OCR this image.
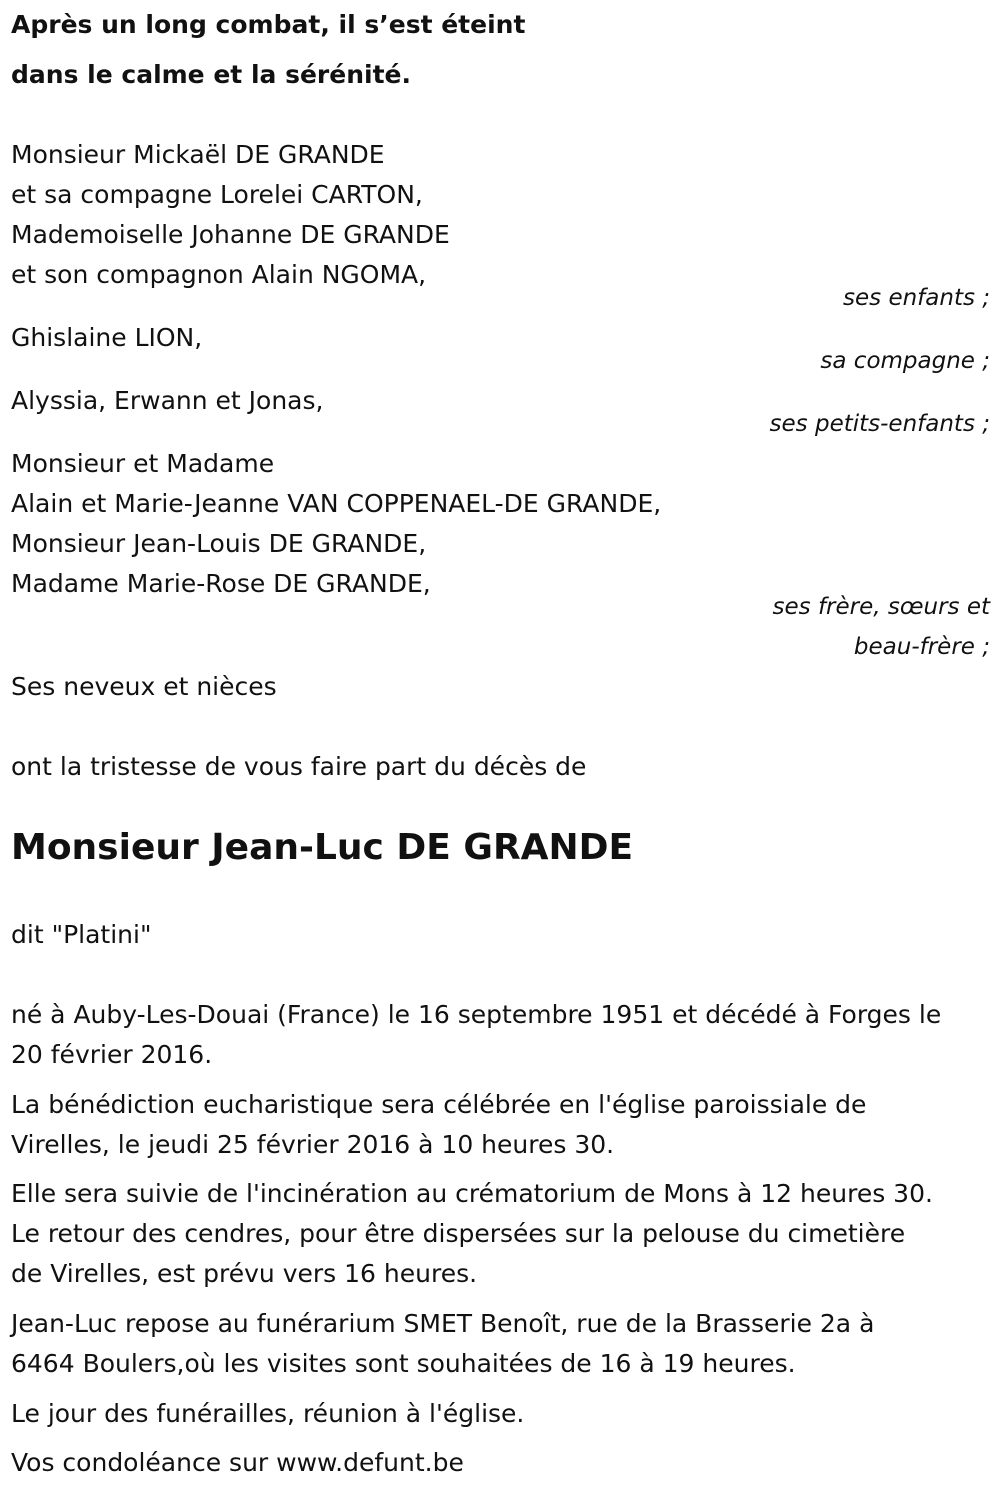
Après un long combat, il s’est éteint

dans le calme et la sérénité.

Monsieur Mickaël DE GRANDE

et sa compagne Lorelei CARTON,

Mademoiselle Johanne DE GRANDE

et son compagnon Alain NGOMA,

ses enfants ;

Ghislaine LION,

sa compagne ;

Alyssia, Erwann et Jonas,

ses petits-enfants ;

Monsieur et Madame

Alain et Marie-Jeanne VAN COPPENAEL-DE GRANDE,

Monsieur Jean-Louis DE GRANDE,

Madame Marie-Rose DE GRANDE,

ses frère, sœurs et

beau-frère ;

Ses neveux et nièces

ont la tristesse de vous faire part du décès de

Monsieur Jean-Luc DE GRANDE

dit "Platini"

né à Auby-Les-Douai (France) le 16 septembre 1951 et décédé à Forges le

20 février 2016.

La bénédiction eucharistique sera célébrée en l'église paroissiale de

Virelles, le jeudi 25 février 2016 à 10 heures 30.

Elle sera suivie de l'incinération au crématorium de Mons à 12 heures 30.

Le retour des cendres, pour être dispersées sur la pelouse du cimetière

de Virelles, est prévu vers 16 heures.

Jean-Luc repose au funérarium SMET Benoît, rue de la Brasserie 2a à

6464 Boulers,où les visites sont souhaitées de 16 à 19 heures.

Le jour des funérailles, réunion à l'église.

Vos condoléance sur www.defunt.be
